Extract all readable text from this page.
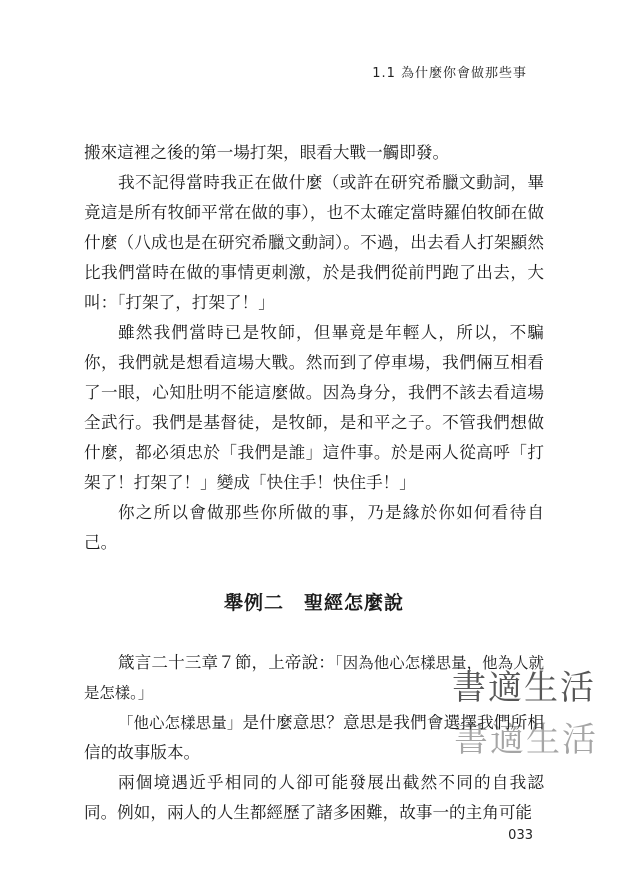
1.1 為什麼你會做那些事

搬來這裡之後的第一場打架，眼看大戰一觸即發。

我不記得當時我正在做什麼（或許在研究希臘文動詞，畢竟這是所有牧師平常在做的事），也不太確定當時羅伯牧師在做什麼（八成也是在研究希臘文動詞）。不過，出去看人打架顯然比我們當時在做的事情更刺激，於是我們從前門跑了出去，大叫：「打架了，打架了！」

雖然我們當時已是牧師，但畢竟是年輕人，所以，不騙你，我們就是想看這場大戰。然而到了停車場，我們倆互相看了一眼，心知肚明不能這麼做。因為身分，我們不該去看這場全武行。我們是基督徒，是牧師，是和平之子。不管我們想做什麼，都必須忠於「我們是誰」這件事。於是兩人從高呼「打架了！打架了！」變成「快住手！快住手！」

你之所以會做那些你所做的事，乃是緣於你如何看待自己。

舉例二　聖經怎麼說

箴言二十三章７節，上帝說：「因為他心怎樣思量，他為人就是怎樣。」

「他心怎樣思量」是什麼意思？意思是我們會選擇我們所相信的故事版本。

兩個境遇近乎相同的人卻可能發展出截然不同的自我認同。例如，兩人的人生都經歷了諸多困難，故事一的主角可能

書適生活
書適生活
033
